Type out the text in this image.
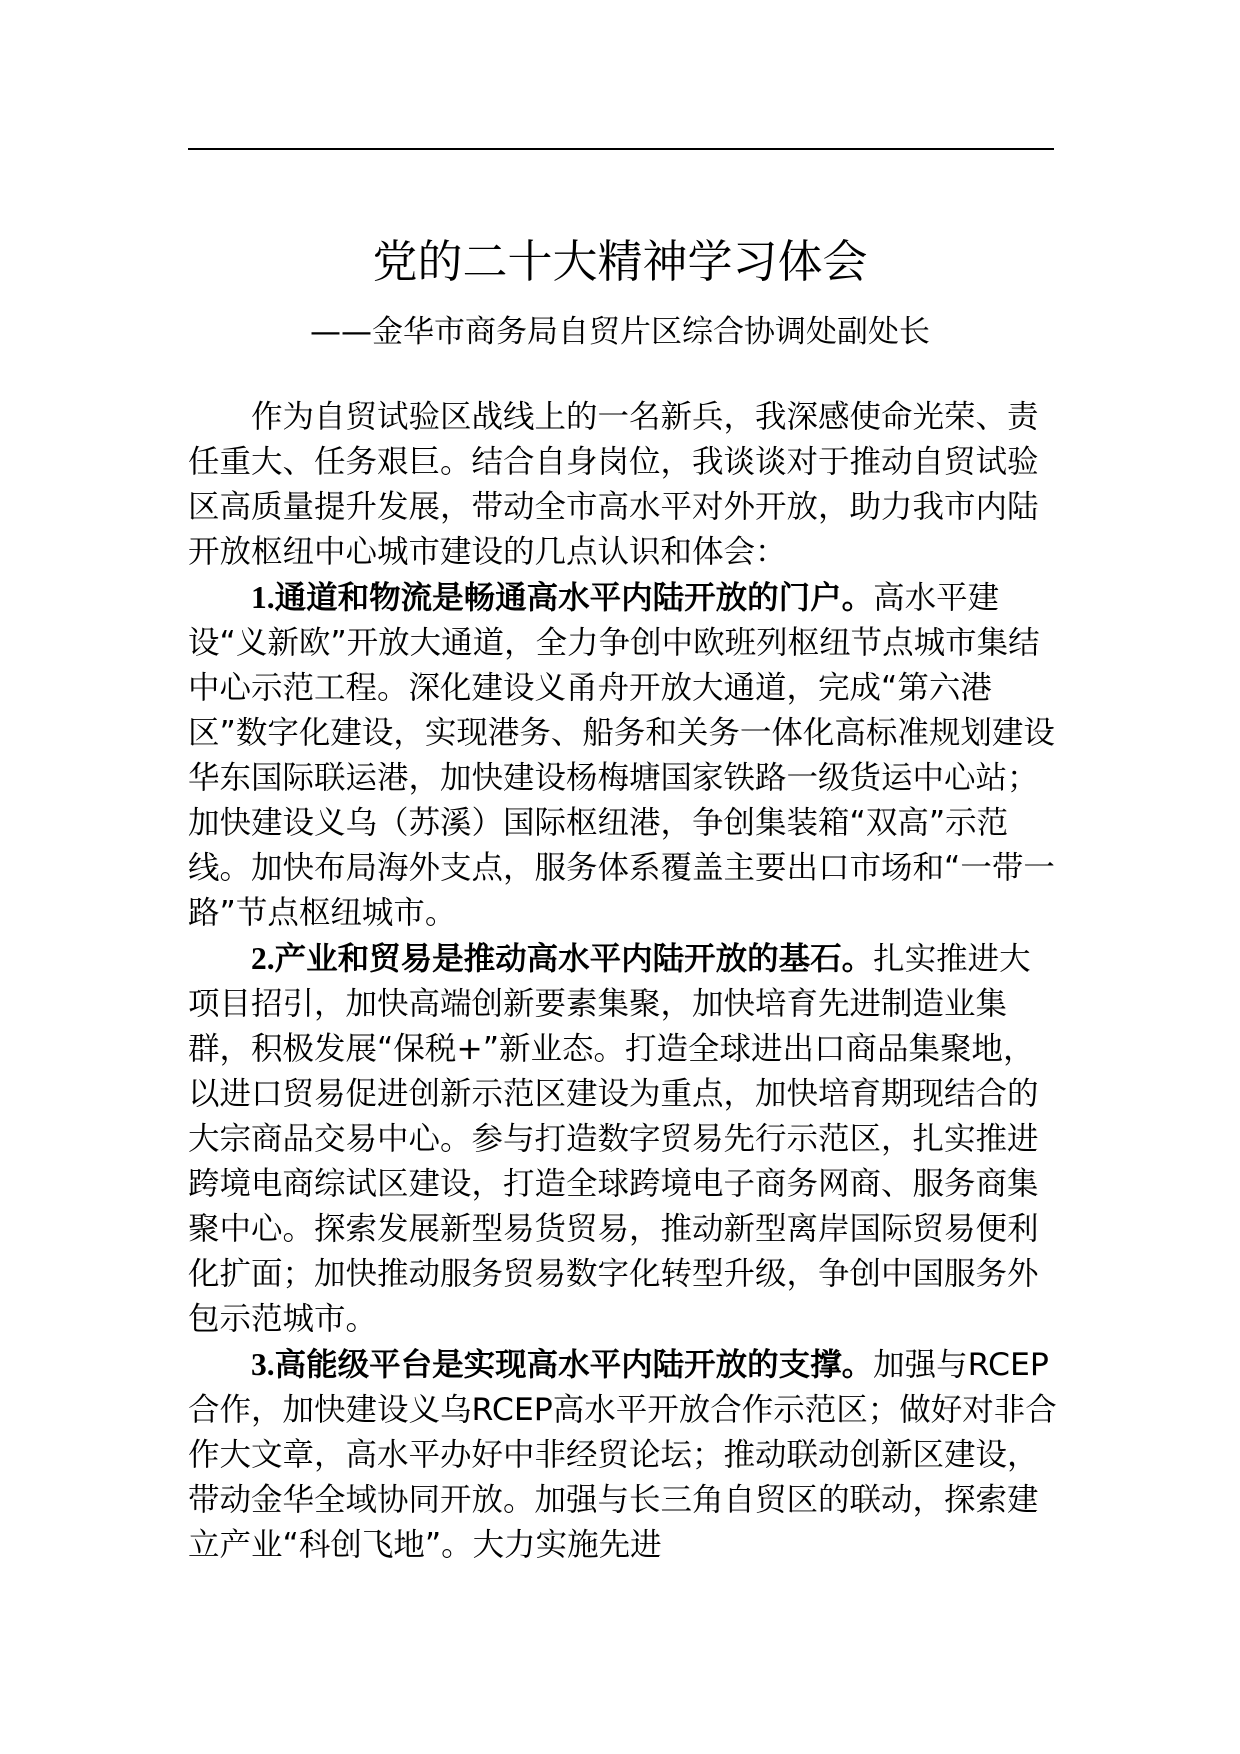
党的二十大精神学习体会
——金华市商务局自贸片区综合协调处副处长

作为自贸试验区战线上的一名新兵，我深感使命光荣、责任重大、任务艰巨。结合自身岗位，我谈谈对于推动自贸试验区高质量提升发展，带动全市高水平对外开放，助力我市内陆开放枢纽中心城市建设的几点认识和体会：

1.通道和物流是畅通高水平内陆开放的门户。高水平建设“义新欧”开放大通道，全力争创中欧班列枢纽节点城市集结中心示范工程。深化建设义甬舟开放大通道，完成“第六港区”数字化建设，实现港务、船务和关务一体化高标准规划建设华东国际联运港，加快建设杨梅塘国家铁路一级货运中心站；加快建设义乌（苏溪）国际枢纽港，争创集装箱“双高”示范线。加快布局海外支点，服务体系覆盖主要出口市场和“一带一路”节点枢纽城市。

2.产业和贸易是推动高水平内陆开放的基石。扎实推进大项目招引，加快高端创新要素集聚，加快培育先进制造业集群，积极发展“保税+”新业态。打造全球进出口商品集聚地，以进口贸易促进创新示范区建设为重点，加快培育期现结合的大宗商品交易中心。参与打造数字贸易先行示范区，扎实推进跨境电商综试区建设，打造全球跨境电子商务网商、服务商集聚中心。探索发展新型易货贸易，推动新型离岸国际贸易便利化扩面；加快推动服务贸易数字化转型升级，争创中国服务外包示范城市。

3.高能级平台是实现高水平内陆开放的支撑。加强与RCEP合作，加快建设义乌RCEP高水平开放合作示范区；做好对非合作大文章，高水平办好中非经贸论坛；推动联动创新区建设，带动金华全域协同开放。加强与长三角自贸区的联动，探索建立产业“科创飞地”。大力实施先进
